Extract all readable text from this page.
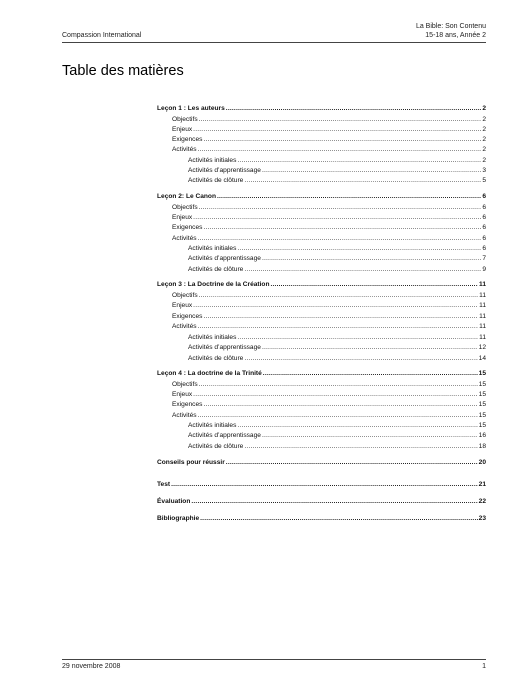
Compassion International
La Bible: Son Contenu
15-18 ans, Année 2
Table des matières
Leçon 1 : Les auteurs .....	2
Objectifs .....	2
Enjeux .....	2
Exigences .....	2
Activités .....	2
Activités initiales .....	2
Activités d’apprentissage .....	3
Activités de clôture .....	5
Leçon 2: Le Canon .....	6
Objectifs .....	6
Enjeux .....	6
Exigences .....	6
Activités .....	6
Activités initiales .....	6
Activités d’apprentissage .....	7
Activités de clôture .....	9
Leçon 3 : La Doctrine de la Création .....	11
Objectifs .....	11
Enjeux .....	11
Exigences .....	11
Activités .....	11
Activités initiales .....	11
Activités d’apprentissage .....	12
Activités de clôture .....	14
Leçon 4 : La doctrine de la Trinité .....	15
Objectifs .....	15
Enjeux .....	15
Exigences .....	15
Activités .....	15
Activités initiales .....	15
Activités d’apprentissage .....	16
Activités de clôture .....	18
Conseils pour réussir .....	20
Test .....	21
Évaluation .....	22
Bibliographie .....	23
29 novembre 2008	1
